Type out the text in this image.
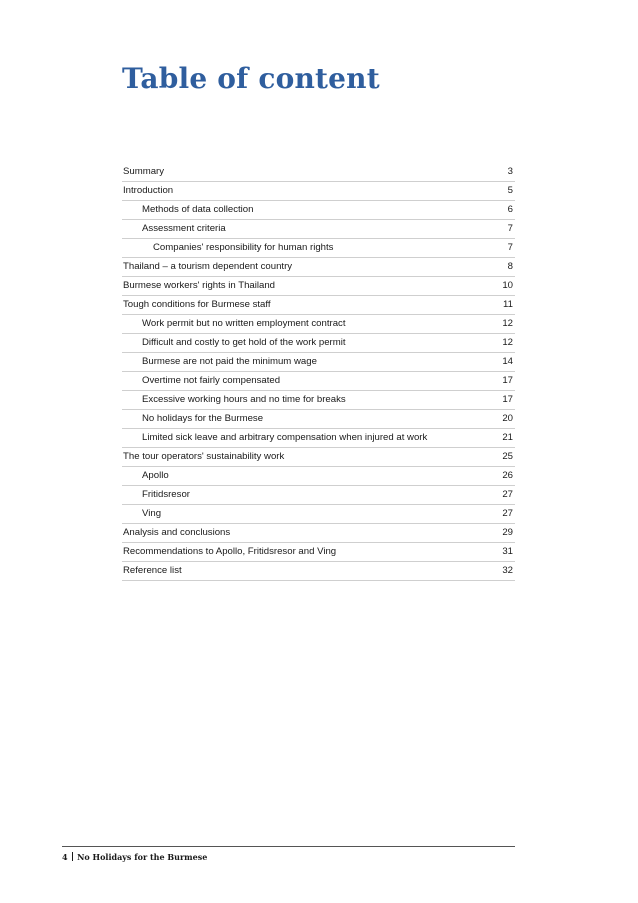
Table of content
Summary	3
Introduction	5
Methods of data collection	6
Assessment criteria	7
Companies' responsibility for human rights	7
Thailand – a tourism dependent country	8
Burmese workers' rights in Thailand	10
Tough conditions for Burmese staff	11
Work permit but no written employment contract	12
Difficult and costly to get hold of the work permit	12
Burmese are not paid the minimum wage	14
Overtime not fairly compensated	17
Excessive working hours and no time for breaks	17
No holidays for the Burmese	20
Limited sick leave and arbitrary compensation when injured at work	21
The tour operators' sustainability work	25
Apollo	26
Fritidsresor	27
Ving	27
Analysis and conclusions	29
Recommendations to Apollo, Fritidsresor and Ving	31
Reference list	32
4 No Holidays for the Burmese
